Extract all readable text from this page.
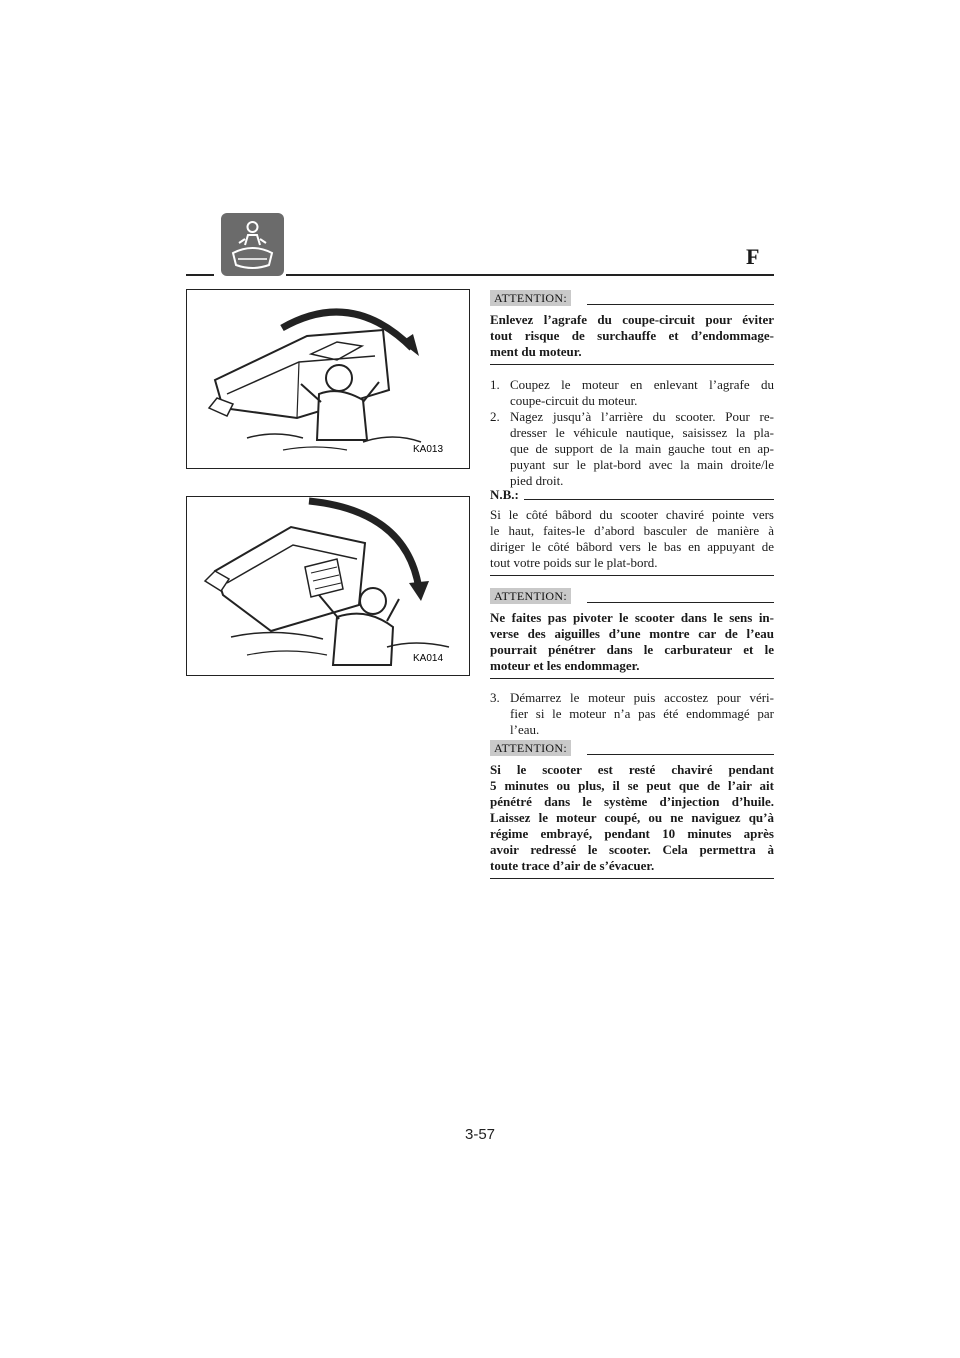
F
KA013
KA014
ATTENTION:
Enlevez l’agrafe du coupe-circuit pour éviter
tout risque de surchauffe et d’endommage-
ment du moteur.
1. Coupez le moteur en enlevant l’agrafe du
coupe-circuit du moteur.
2. Nagez jusqu’à l’arrière du scooter. Pour re-
dresser le véhicule nautique, saisissez la pla-
que de support de la main gauche tout en ap-
puyant sur le plat-bord avec la main droite/le
pied droit.
N.B.:
Si le côté bâbord du scooter chaviré pointe vers
le haut, faites-le d’abord basculer de manière à
diriger le côté bâbord vers le bas en appuyant de
tout votre poids sur le plat-bord.
ATTENTION:
Ne faites pas pivoter le scooter dans le sens in-
verse des aiguilles d’une montre car de l’eau
pourrait pénétrer dans le carburateur et le
moteur et les endommager.
3. Démarrez le moteur puis accostez pour véri-
fier si le moteur n’a pas été endommagé par
l’eau.
ATTENTION:
Si le scooter est resté chaviré pendant
5 minutes ou plus, il se peut que de l’air ait
pénétré dans le système d’injection d’huile.
Laissez le moteur coupé, ou ne naviguez qu’à
régime embrayé, pendant 10 minutes après
avoir redressé le scooter. Cela permettra à
toute trace d’air de s’évacuer.
3-57
